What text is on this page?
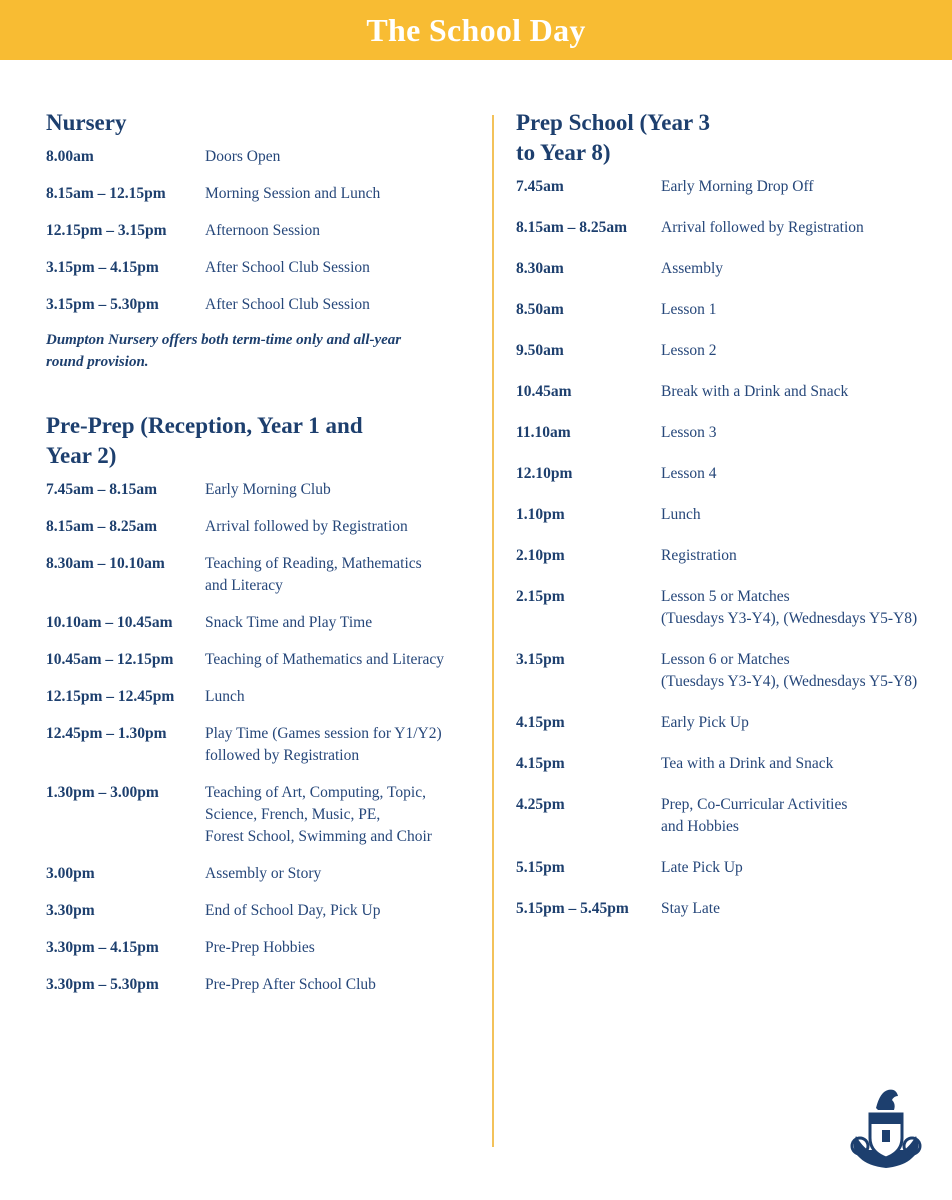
The School Day
Nursery
8.00am	Doors Open
8.15am – 12.15pm	Morning Session and Lunch
12.15pm – 3.15pm	Afternoon Session
3.15pm – 4.15pm	After School Club Session
3.15pm – 5.30pm	After School Club Session
Dumpton Nursery offers both term-time only and all-year round provision.
Pre-Prep (Reception, Year 1 and Year 2)
7.45am – 8.15am	Early Morning Club
8.15am – 8.25am	Arrival followed by Registration
8.30am – 10.10am	Teaching of Reading, Mathematics
and Literacy
10.10am – 10.45am	Snack Time and Play Time
10.45am – 12.15pm	Teaching of Mathematics and Literacy
12.15pm – 12.45pm	Lunch
12.45pm – 1.30pm	Play Time (Games session for Y1/Y2)
followed by Registration
1.30pm – 3.00pm	Teaching of Art, Computing, Topic,
Science, French, Music, PE,
Forest School, Swimming and Choir
3.00pm	Assembly or Story
3.30pm	End of School Day, Pick Up
3.30pm – 4.15pm	Pre-Prep Hobbies
3.30pm – 5.30pm	Pre-Prep After School Club
Prep School (Year 3 to Year 8)
7.45am	Early Morning Drop Off
8.15am – 8.25am	Arrival followed by Registration
8.30am	Assembly
8.50am	Lesson 1
9.50am	Lesson 2
10.45am	Break with a Drink and Snack
11.10am	Lesson 3
12.10pm	Lesson 4
1.10pm	Lunch
2.10pm	Registration
2.15pm	Lesson 5 or Matches
(Tuesdays Y3-Y4), (Wednesdays Y5-Y8)
3.15pm	Lesson 6 or Matches
(Tuesdays Y3-Y4), (Wednesdays Y5-Y8)
4.15pm	Early Pick Up
4.15pm	Tea with a Drink and Snack
4.25pm	Prep, Co-Curricular Activities
and Hobbies
5.15pm	Late Pick Up
5.15pm – 5.45pm	Stay Late
